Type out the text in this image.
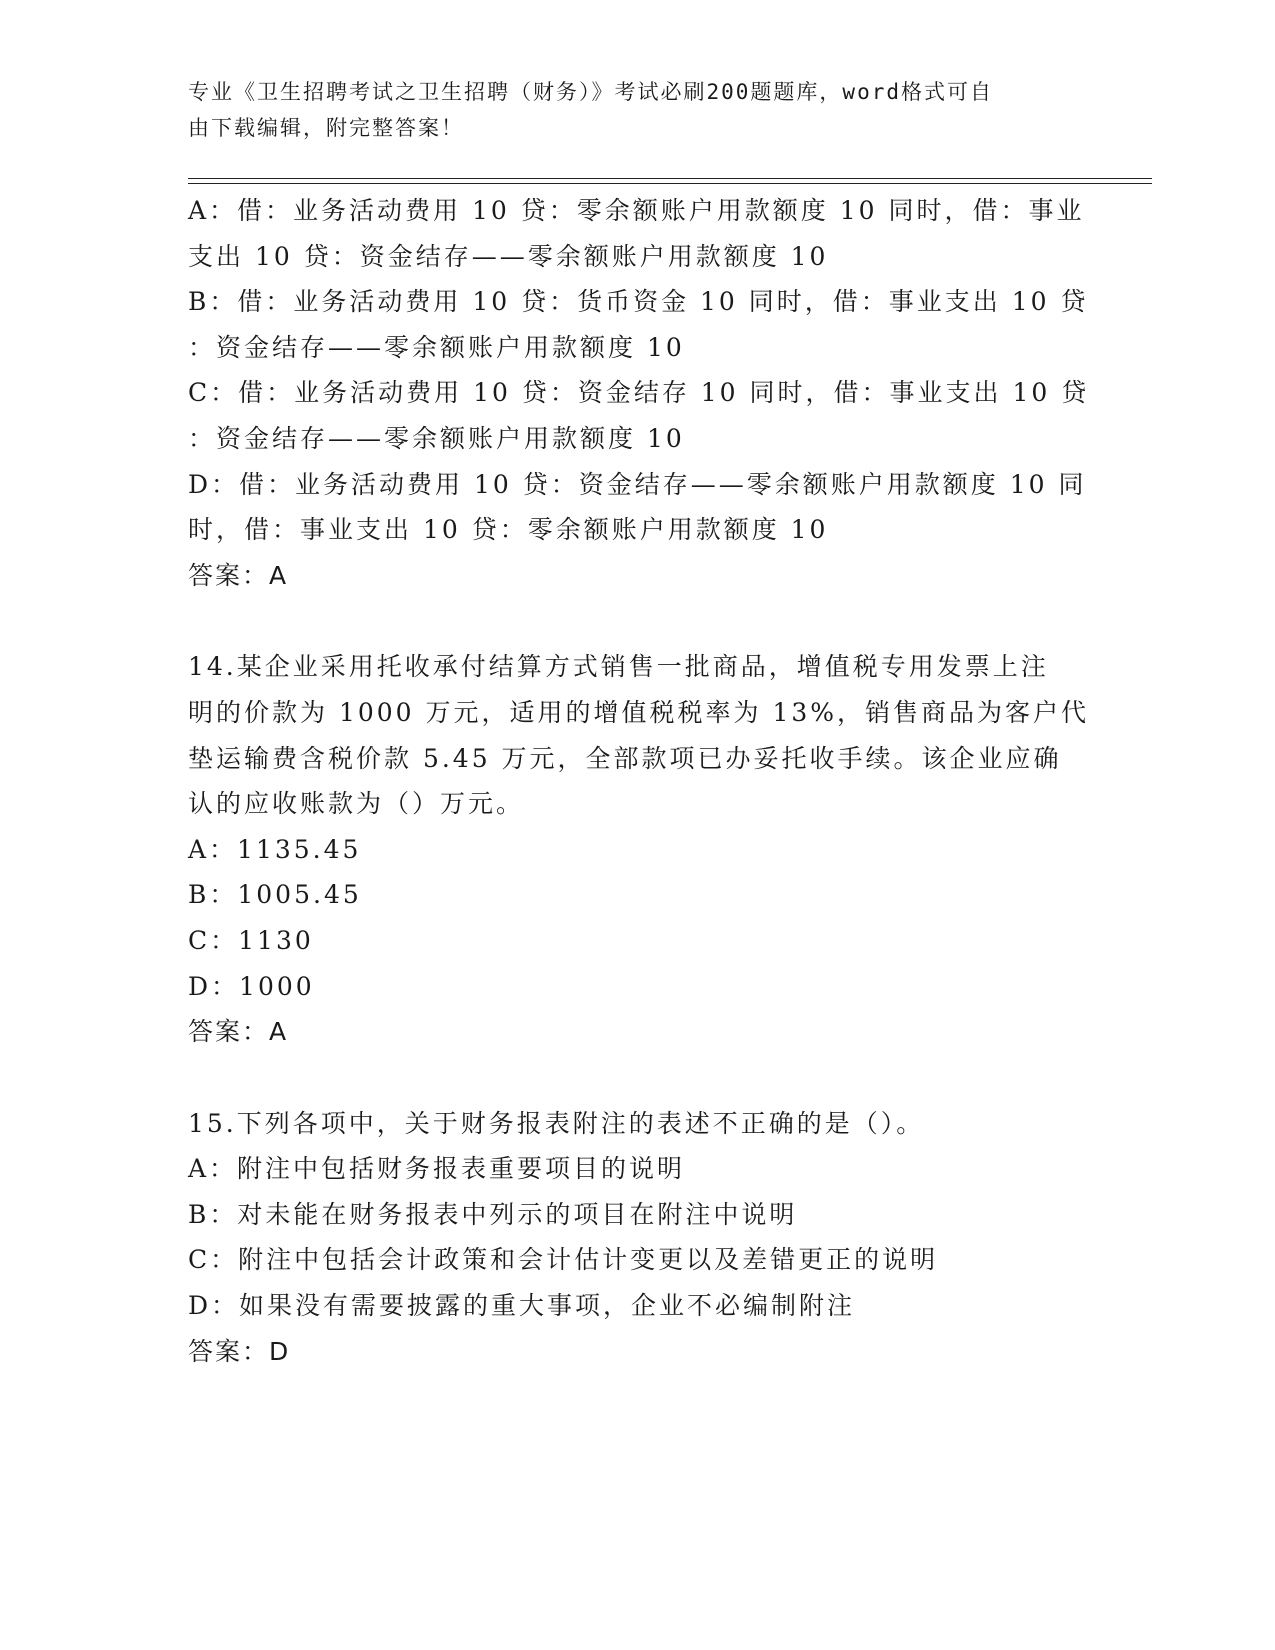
专业《卫生招聘考试之卫生招聘（财务）》考试必刷200题题库，word格式可自
由下载编辑，附完整答案！
A：借：业务活动费用 10 贷：零余额账户用款额度 10 同时，借：事业
支出 10 贷：资金结存——零余额账户用款额度 10
B：借：业务活动费用 10 贷：货币资金 10 同时，借：事业支出 10 贷
：资金结存——零余额账户用款额度 10
C：借：业务活动费用 10 贷：资金结存 10 同时，借：事业支出 10 贷
：资金结存——零余额账户用款额度 10
D：借：业务活动费用 10 贷：资金结存——零余额账户用款额度 10 同
时，借：事业支出 10 贷：零余额账户用款额度 10
答案：A
14.某企业采用托收承付结算方式销售一批商品，增值税专用发票上注
明的价款为 1000 万元，适用的增值税税率为 13%，销售商品为客户代
垫运输费含税价款 5.45 万元，全部款项已办妥托收手续。该企业应确
认的应收账款为（）万元。
A：1135.45
B：1005.45
C：1130
D：1000
答案：A
15.下列各项中，关于财务报表附注的表述不正确的是（）。
A：附注中包括财务报表重要项目的说明
B：对未能在财务报表中列示的项目在附注中说明
C：附注中包括会计政策和会计估计变更以及差错更正的说明
D：如果没有需要披露的重大事项，企业不必编制附注
答案：D
